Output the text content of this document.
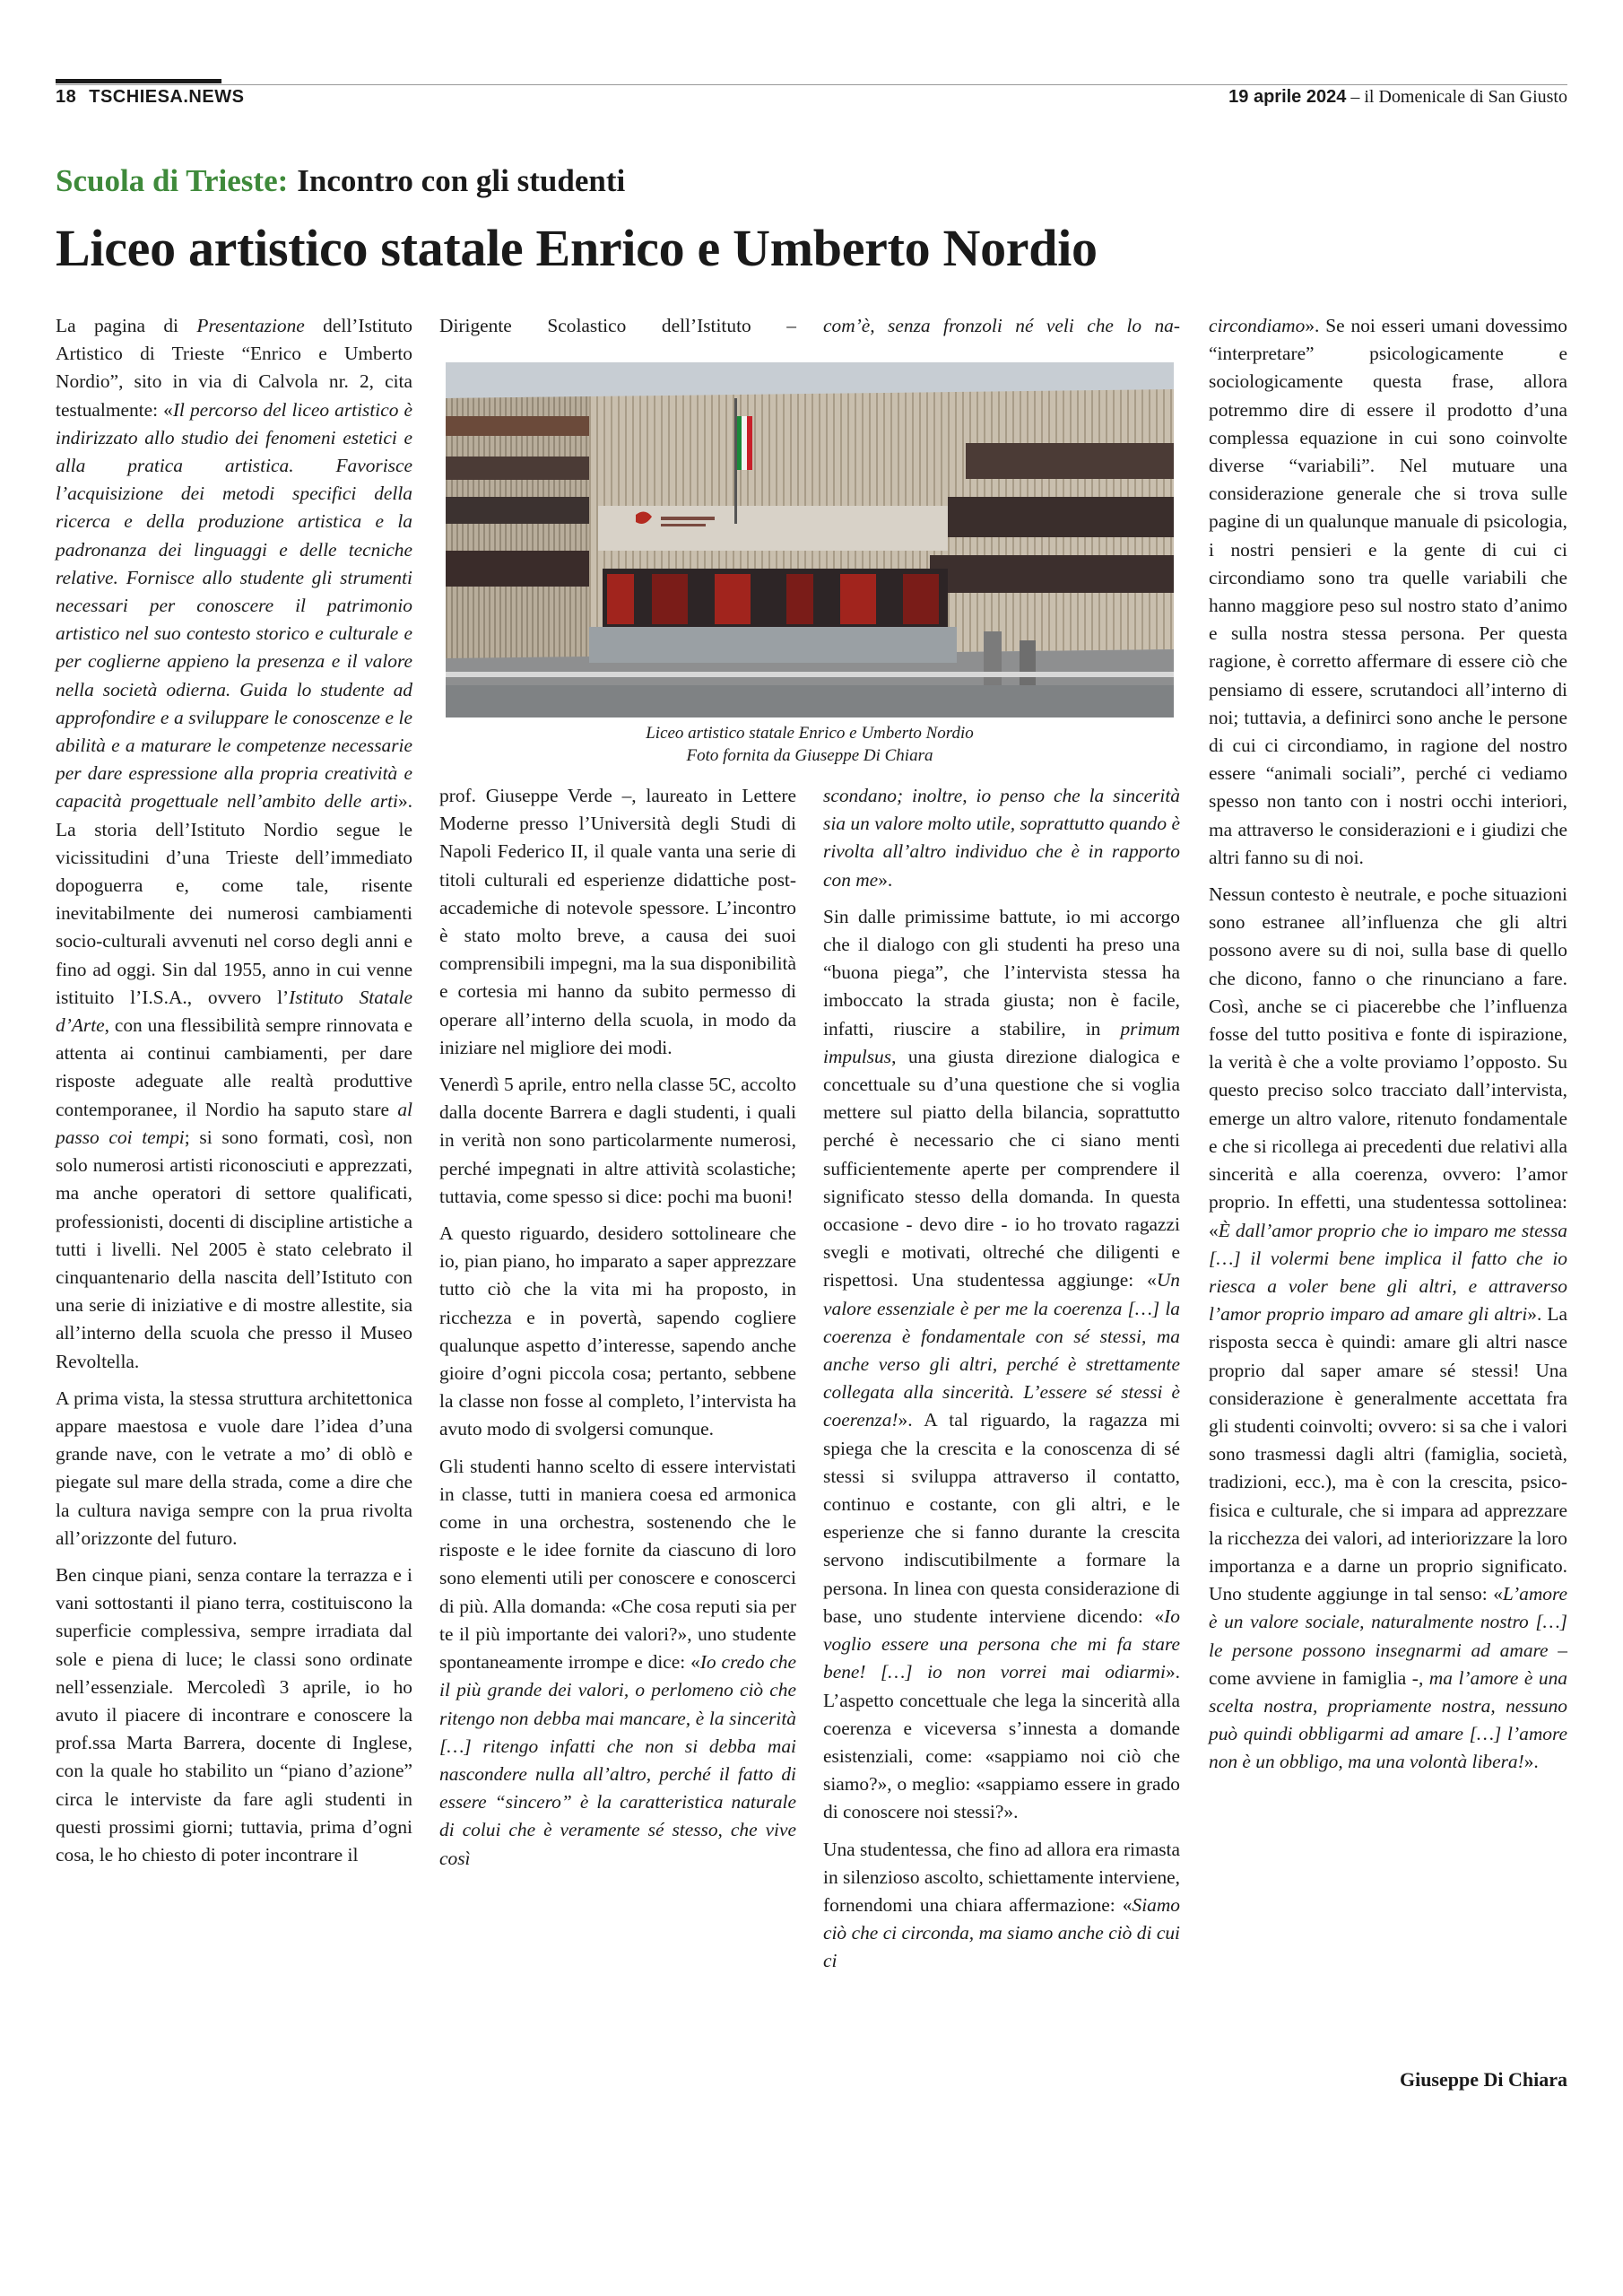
18 TSCHIESA.NEWS	19 aprile 2024 – il Domenicale di San Giusto
Scuola di Trieste: Incontro con gli studenti
Liceo artistico statale Enrico e Umberto Nordio

La pagina di Presentazione dell’Istituto Artistico di Trieste “Enrico e Umberto Nordio”, sito in via di Calvola nr. 2, cita testualmente: «Il percorso del liceo artistico è indirizzato allo studio dei fenomeni estetici e alla pratica artistica. Favorisce l’acquisizione dei metodi specifici della ricerca e della produzione artistica e la padronanza dei linguaggi e delle tecniche relative. Fornisce allo studente gli strumenti necessari per conoscere il patrimonio artistico nel suo contesto storico e culturale e per coglierne appieno la presenza e il valore nella società odierna. Guida lo studente ad approfondire e a sviluppare le conoscenze e le abilità e a maturare le competenze necessarie per dare espressione alla propria creatività e capacità progettuale nell’ambito delle arti». La storia dell’Istituto Nordio segue le vicissitudini d’una Trieste dell’immediato dopoguerra e, come tale, risente inevitabilmente dei numerosi cambiamenti socio-culturali avvenuti nel corso degli anni e fino ad oggi. Sin dal 1955, anno in cui venne istituito l’I.S.A., ovvero l’Istituto Statale d’Arte, con una flessibilità sempre rinnovata e attenta ai continui cambiamenti, per dare risposte adeguate alle realtà produttive contemporanee, il Nordio ha saputo stare al passo coi tempi; si sono formati, così, non solo numerosi artisti riconosciuti e apprezzati, ma anche operatori di settore qualificati, professionisti, docenti di discipline artistiche a tutti i livelli. Nel 2005 è stato celebrato il cinquantenario della nascita dell’Istituto con una serie di iniziative e di mostre allestite, sia all’interno della scuola che presso il Museo Revoltella.

A prima vista, la stessa struttura architettonica appare maestosa e vuole dare l’idea d’una grande nave, con le vetrate a mo’ di oblò e piegate sul mare della strada, come a dire che la cultura naviga sempre con la prua rivolta all’orizzonte del futuro.

Ben cinque piani, senza contare la terrazza e i vani sottostanti il piano terra, costituiscono la superficie complessiva, sempre irradiata dal sole e piena di luce; le classi sono ordinate nell’essenziale. Mercoledì 3 aprile, io ho avuto il piacere di incontrare e conoscere la prof.ssa Marta Barrera, docente di Inglese, con la quale ho stabilito un “piano d’azione” circa le interviste da fare agli studenti in questi prossimi giorni; tuttavia, prima d’ogni cosa, le ho chiesto di poter incontrare il

Dirigente Scolastico dell’Istituto – com’è, senza fronzoli né veli che lo na-

Liceo artistico statale Enrico e Umberto Nordio
Foto fornita da Giuseppe Di Chiara

prof. Giuseppe Verde –, laureato in Lettere Moderne presso l’Università degli Studi di Napoli Federico II, il quale vanta una serie di titoli culturali ed esperienze didattiche post-accademiche di notevole spessore. L’incontro è stato molto breve, a causa dei suoi comprensibili impegni, ma la sua disponibilità e cortesia mi hanno da subito permesso di operare all’interno della scuola, in modo da iniziare nel migliore dei modi.

Venerdì 5 aprile, entro nella classe 5C, accolto dalla docente Barrera e dagli studenti, i quali in verità non sono particolarmente numerosi, perché impegnati in altre attività scolastiche; tuttavia, come spesso si dice: pochi ma buoni!

A questo riguardo, desidero sottolineare che io, pian piano, ho imparato a saper apprezzare tutto ciò che la vita mi ha proposto, in ricchezza e in povertà, sapendo cogliere qualunque aspetto d’interesse, sapendo anche gioire d’ogni piccola cosa; pertanto, sebbene la classe non fosse al completo, l’intervista ha avuto modo di svolgersi comunque.

Gli studenti hanno scelto di essere intervistati in classe, tutti in maniera coesa ed armonica come in una orchestra, sostenendo che le risposte e le idee fornite da ciascuno di loro sono elementi utili per conoscere e conoscerci di più. Alla domanda: «Che cosa reputi sia per te il più importante dei valori?», uno studente spontaneamente irrompe e dice: «Io credo che il più grande dei valori, o perlomeno ciò che ritengo non debba mai mancare, è la sincerità […] ritengo infatti che non si debba mai nascondere nulla all’altro, perché il fatto di essere “sincero” è la caratteristica naturale di colui che è veramente sé stesso, che vive così

scondano; inoltre, io penso che la sincerità sia un valore molto utile, soprattutto quando è rivolta all’altro individuo che è in rapporto con me».

Sin dalle primissime battute, io mi accorgo che il dialogo con gli studenti ha preso una “buona piega”, che l’intervista stessa ha imboccato la strada giusta; non è facile, infatti, riuscire a stabilire, in primum impulsus, una giusta direzione dialogica e concettuale su d’una questione che si voglia mettere sul piatto della bilancia, soprattutto perché è necessario che ci siano menti sufficientemente aperte per comprendere il significato stesso della domanda. In questa occasione - devo dire - io ho trovato ragazzi svegli e motivati, oltreché che diligenti e rispettosi. Una studentessa aggiunge: «Un valore essenziale è per me la coerenza […] la coerenza è fondamentale con sé stessi, ma anche verso gli altri, perché è strettamente collegata alla sincerità. L’essere sé stessi è coerenza!». A tal riguardo, la ragazza mi spiega che la crescita e la conoscenza di sé stessi si sviluppa attraverso il contatto, continuo e costante, con gli altri, e le esperienze che si fanno durante la crescita servono indiscutibilmente a formare la persona. In linea con questa considerazione di base, uno studente interviene dicendo: «Io voglio essere una persona che mi fa stare bene! […] io non vorrei mai odiarmi». L’aspetto concettuale che lega la sincerità alla coerenza e viceversa s’innesta a domande esistenziali, come: «sappiamo noi ciò che siamo?», o meglio: «sappiamo essere in grado di conoscere noi stessi?».

Una studentessa, che fino ad allora era rimasta in silenzioso ascolto, schiettamente interviene, fornendomi una chiara affermazione: «Siamo ciò che ci circonda, ma siamo anche ciò di cui ci

circondiamo». Se noi esseri umani dovessimo “interpretare” psicologicamente e sociologicamente questa frase, allora potremmo dire di essere il prodotto d’una complessa equazione in cui sono coinvolte diverse “variabili”. Nel mutuare una considerazione generale che si trova sulle pagine di un qualunque manuale di psicologia, i nostri pensieri e la gente di cui ci circondiamo sono tra quelle variabili che hanno maggiore peso sul nostro stato d’animo e sulla nostra stessa persona. Per questa ragione, è corretto affermare di essere ciò che pensiamo di essere, scrutandoci all’interno di noi; tuttavia, a definirci sono anche le persone di cui ci circondiamo, in ragione del nostro essere “animali sociali”, perché ci vediamo spesso non tanto con i nostri occhi interiori, ma attraverso le considerazioni e i giudizi che altri fanno su di noi.

Nessun contesto è neutrale, e poche situazioni sono estranee all’influenza che gli altri possono avere su di noi, sulla base di quello che dicono, fanno o che rinunciano a fare. Così, anche se ci piacerebbe che l’influenza fosse del tutto positiva e fonte di ispirazione, la verità è che a volte proviamo l’opposto. Su questo preciso solco tracciato dall’intervista, emerge un altro valore, ritenuto fondamentale e che si ricollega ai precedenti due relativi alla sincerità e alla coerenza, ovvero: l’amor proprio. In effetti, una studentessa sottolinea: «È dall’amor proprio che io imparo me stessa […] il volermi bene implica il fatto che io riesca a voler bene gli altri, e attraverso l’amor proprio imparo ad amare gli altri». La risposta secca è quindi: amare gli altri nasce proprio dal saper amare sé stessi! Una considerazione è generalmente accettata fra gli studenti coinvolti; ovvero: si sa che i valori sono trasmessi dagli altri (famiglia, società, tradizioni, ecc.), ma è con la crescita, psico-fisica e culturale, che si impara ad apprezzare la ricchezza dei valori, ad interiorizzare la loro importanza e a darne un proprio significato. Uno studente aggiunge in tal senso: «L’amore è un valore sociale, naturalmente nostro […] le persone possono insegnarmi ad amare – come avviene in famiglia -, ma l’amore è una scelta nostra, propriamente nostra, nessuno può quindi obbligarmi ad amare […] l’amore non è un obbligo, ma una volontà libera!».

Giuseppe Di Chiara
